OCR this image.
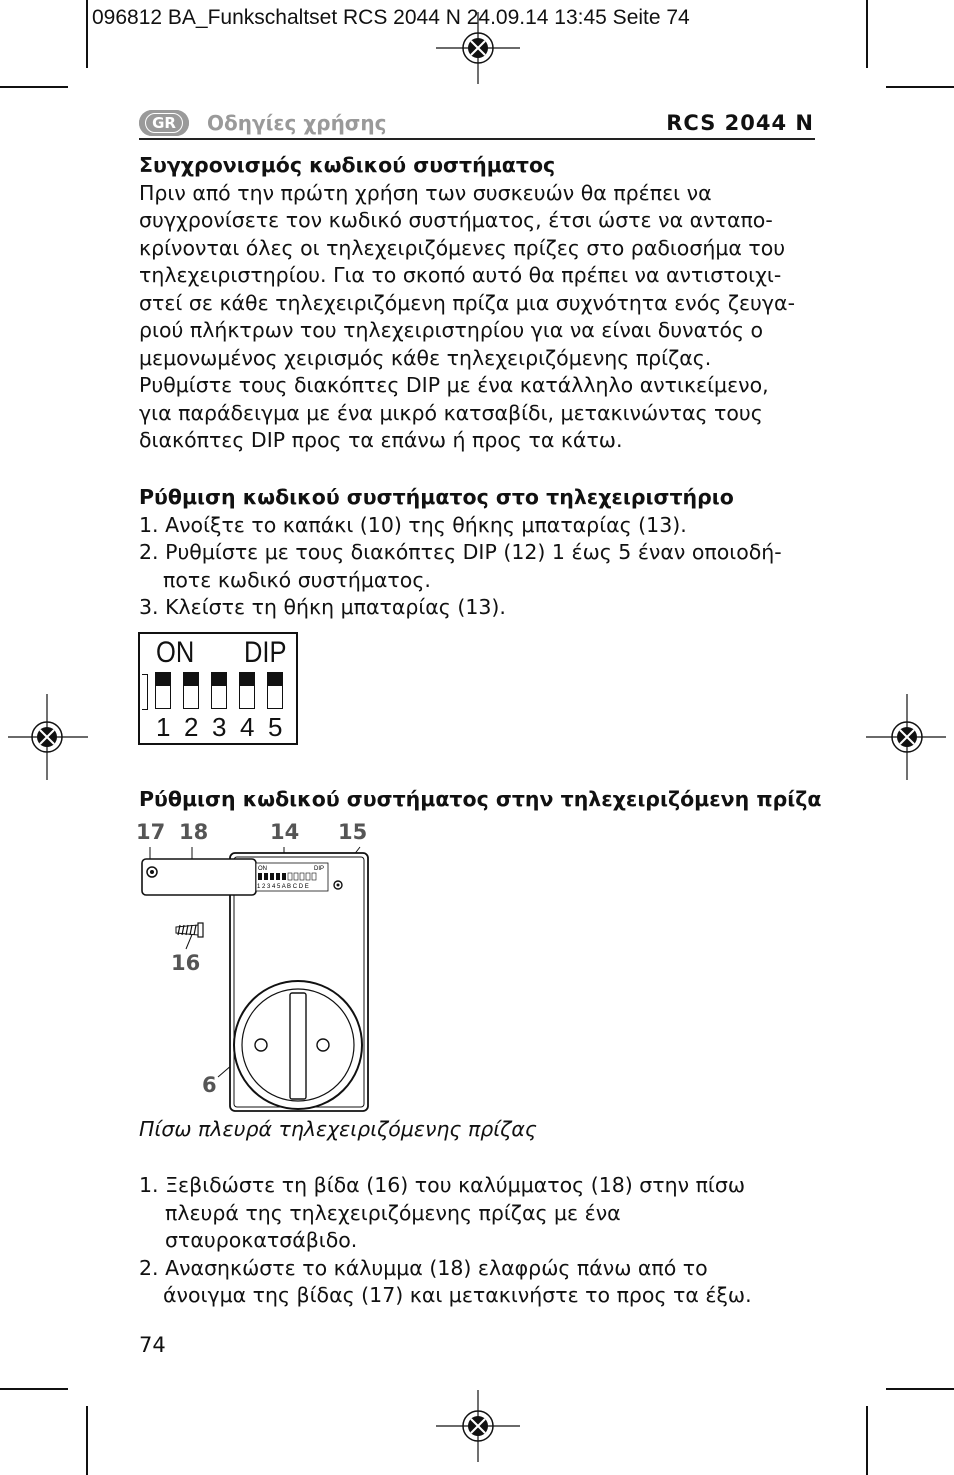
096812 BA_Funkschaltset RCS 2044 N 24.09.14 13:45 Seite 74
GR	Οδηγίες χρήσης	RCS 2044 N
Συγχρονισμός κωδικού συστήματος
Πριν από την πρώτη χρήση των συσκευών θα πρέπει να
συγχρονίσετε τον κωδικό συστήματος, έτσι ώστε να ανταπο-
κρίνονται όλες οι τηλεχειριζόμενες πρίζες στο ραδιοσήμα του
τηλεχειριστηρίου. Για το σκοπό αυτό θα πρέπει να αντιστοιχι-
στεί σε κάθε τηλεχειριζόμενη πρίζα μια συχνότητα ενός ζευγα-
ριού πλήκτρων του τηλεχειριστηρίου για να είναι δυνατός ο
μεμονωμένος χειρισμός κάθε τηλεχειριζόμενης πρίζας.
Ρυθμίστε τους διακόπτες DIP με ένα κατάλληλο αντικείμενο,
για παράδειγμα με ένα μικρό κατσαβίδι, μετακινώντας τους
διακόπτες DIP προς τα επάνω ή προς τα κάτω.
Ρύθμιση κωδικού συστήματος στο τηλεχειριστήριο
1. Ανοίξτε το καπάκι (10) της θήκης μπαταρίας (13).
2. Ρυθμίστε με τους διακόπτες DIP (12) 1 έως 5 έναν οποιοδή-
ποτε κωδικό συστήματος.
3. Κλείστε τη θήκη μπαταρίας (13).
ON DIP
1 2 3 4 5
Ρύθμιση κωδικού συστήματος στην τηλεχειριζόμενη πρίζα
17 18	14 15
16
6
ON	DIP
1 2 3 4 5 A B C D E
Πίσω πλευρά τηλεχειριζόμενης πρίζας
1. Ξεβιδώστε τη βίδα (16) του καλύμματος (18) στην πίσω
πλευρά της τηλεχειριζόμενης πρίζας με ένα
σταυροκατσάβιδο.
2. Ανασηκώστε το κάλυμμα (18) ελαφρώς πάνω από το
άνοιγμα της βίδας (17) και μετακινήστε το προς τα έξω.
74
